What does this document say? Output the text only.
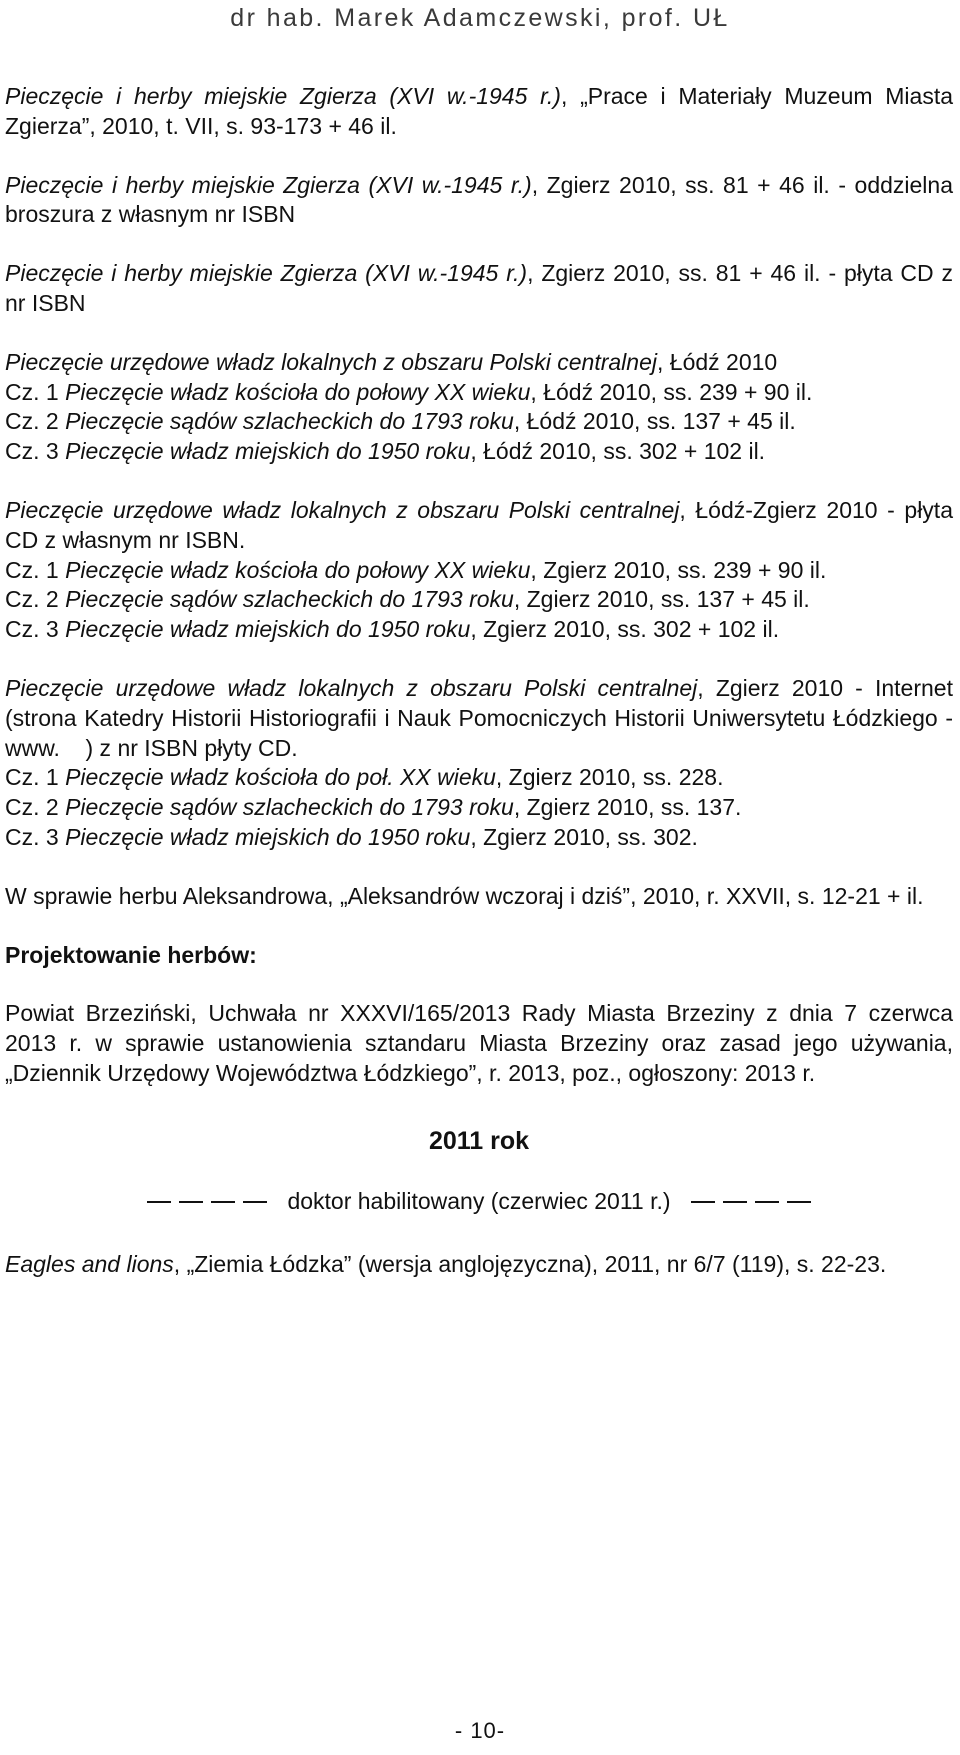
dr hab. Marek Adamczewski, prof. UŁ
Pieczęcie i herby miejskie Zgierza (XVI w.-1945 r.), „Prace i Materiały Muzeum Miasta Zgierza”, 2010, t. VII, s. 93-173 + 46 il.
Pieczęcie i herby miejskie Zgierza (XVI w.-1945 r.), Zgierz 2010, ss. 81 + 46 il. - oddzielna broszura z własnym nr ISBN
Pieczęcie i herby miejskie Zgierza (XVI w.-1945 r.), Zgierz 2010, ss. 81 + 46 il. - płyta CD z nr ISBN
Pieczęcie urzędowe władz lokalnych z obszaru Polski centralnej, Łódź 2010
Cz. 1 Pieczęcie władz kościoła do połowy XX wieku, Łódź 2010, ss. 239 + 90 il.
Cz. 2 Pieczęcie sądów szlacheckich do 1793 roku, Łódź 2010, ss. 137 + 45 il.
Cz. 3 Pieczęcie władz miejskich do 1950 roku, Łódź 2010, ss. 302 + 102 il.
Pieczęcie urzędowe władz lokalnych z obszaru Polski centralnej, Łódź-Zgierz 2010 - płyta CD z własnym nr ISBN.
Cz. 1 Pieczęcie władz kościoła do połowy XX wieku, Zgierz 2010, ss. 239 + 90 il.
Cz. 2 Pieczęcie sądów szlacheckich do 1793 roku, Zgierz 2010, ss. 137 + 45 il.
Cz. 3 Pieczęcie władz miejskich do 1950 roku, Zgierz 2010, ss. 302 + 102 il.
Pieczęcie urzędowe władz lokalnych z obszaru Polski centralnej, Zgierz 2010 - Internet (strona Katedry Historii Historiografii i Nauk Pomocniczych Historii Uniwersytetu Łódzkiego - www.    ) z nr ISBN płyty CD.
Cz. 1 Pieczęcie władz kościoła do poł. XX wieku, Zgierz 2010, ss. 228.
Cz. 2 Pieczęcie sądów szlacheckich do 1793 roku, Zgierz 2010, ss. 137.
Cz. 3 Pieczęcie władz miejskich do 1950 roku, Zgierz 2010, ss. 302.
W sprawie herbu Aleksandrowa, „Aleksandrów wczoraj i dziś”, 2010, r. XXVII, s. 12-21 + il.
Projektowanie herbów:
Powiat Brzeziński, Uchwała nr XXXVI/165/2013 Rady Miasta Brzeziny z dnia 7 czerwca 2013 r. w sprawie ustanowienia sztandaru Miasta Brzeziny oraz zasad jego używania, „Dziennik Urzędowy Województwa Łódzkiego”, r. 2013, poz., ogłoszony: 2013 r.
2011 rok
doktor habilitowany (czerwiec 2011 r.)
Eagles and lions, „Ziemia Łódzka” (wersja anglojęzyczna), 2011, nr 6/7 (119), s. 22-23.
- 10-
